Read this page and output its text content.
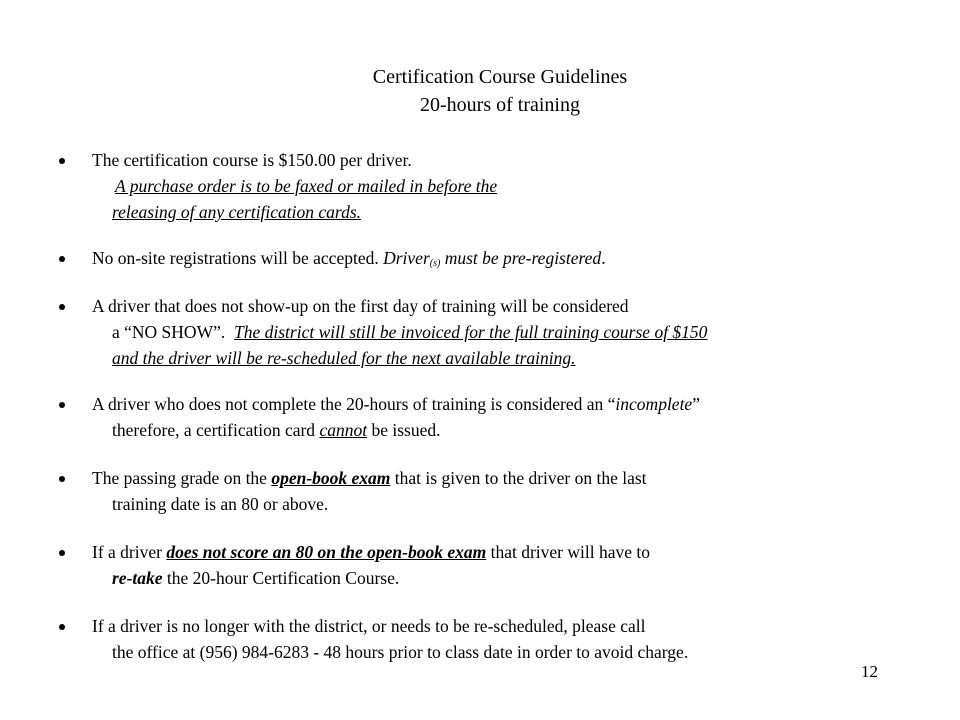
Certification Course Guidelines
20-hours of training
The certification course is $150.00 per driver.
A purchase order is to be faxed or mailed in before the
releasing of any certification cards.
No on-site registrations will be accepted. Driver(s) must be pre-registered.
A driver that does not show-up on the first day of training will be considered
a “NO SHOW”.  The district will still be invoiced for the full training course of $150
and the driver will be re-scheduled for the next available training.
A driver who does not complete the 20-hours of training is considered an “incomplete”
therefore, a certification card cannot be issued.
The passing grade on the open-book exam that is given to the driver on the last
training date is an 80 or above.
If a driver does not score an 80 on the open-book exam that driver will have to
re-take the 20-hour Certification Course.
If a driver is no longer with the district, or needs to be re-scheduled, please call
the office at (956) 984-6283 - 48 hours prior to class date in order to avoid charge.
12
